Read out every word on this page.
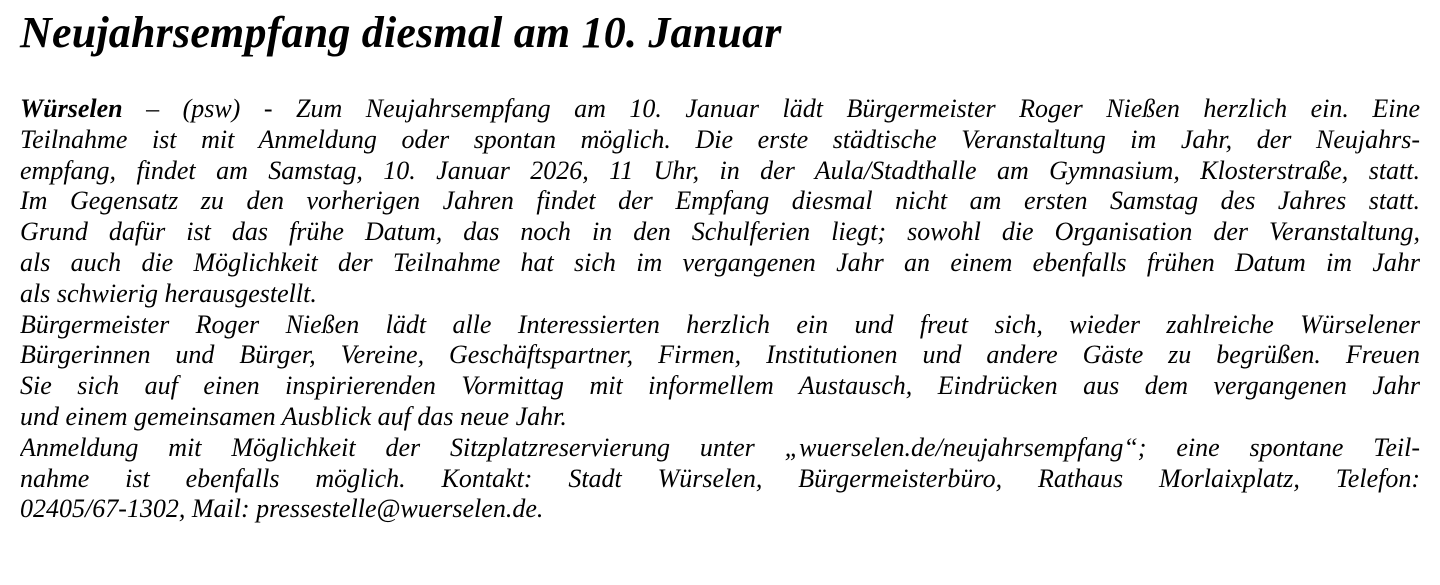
Neujahrsempfang diesmal am 10. Januar
Würselen – (psw) - Zum Neujahrsempfang am 10. Januar lädt Bürgermeister Roger Nießen herzlich ein. Eine
Teilnahme ist mit Anmeldung oder spontan möglich. Die erste städtische Veranstaltung im Jahr, der Neujahrs-
empfang, findet am Samstag, 10. Januar 2026, 11 Uhr, in der Aula/Stadthalle am Gymnasium, Klosterstraße, statt.
Im Gegensatz zu den vorherigen Jahren findet der Empfang diesmal nicht am ersten Samstag des Jahres statt.
Grund dafür ist das frühe Datum, das noch in den Schulferien liegt; sowohl die Organisation der Veranstaltung,
als auch die Möglichkeit der Teilnahme hat sich im vergangenen Jahr an einem ebenfalls frühen Datum im Jahr
als schwierig herausgestellt.
Bürgermeister Roger Nießen lädt alle Interessierten herzlich ein und freut sich, wieder zahlreiche Würselener
Bürgerinnen und Bürger, Vereine, Geschäftspartner, Firmen, Institutionen und andere Gäste zu begrüßen. Freuen
Sie sich auf einen inspirierenden Vormittag mit informellem Austausch, Eindrücken aus dem vergangenen Jahr
und einem gemeinsamen Ausblick auf das neue Jahr.
Anmeldung mit Möglichkeit der Sitzplatzreservierung unter „wuerselen.de/neujahrsempfang“; eine spontane Teil-
nahme ist ebenfalls möglich. Kontakt: Stadt Würselen, Bürgermeisterbüro, Rathaus Morlaixplatz, Telefon:
02405/67-1302, Mail: pressestelle@wuerselen.de.
